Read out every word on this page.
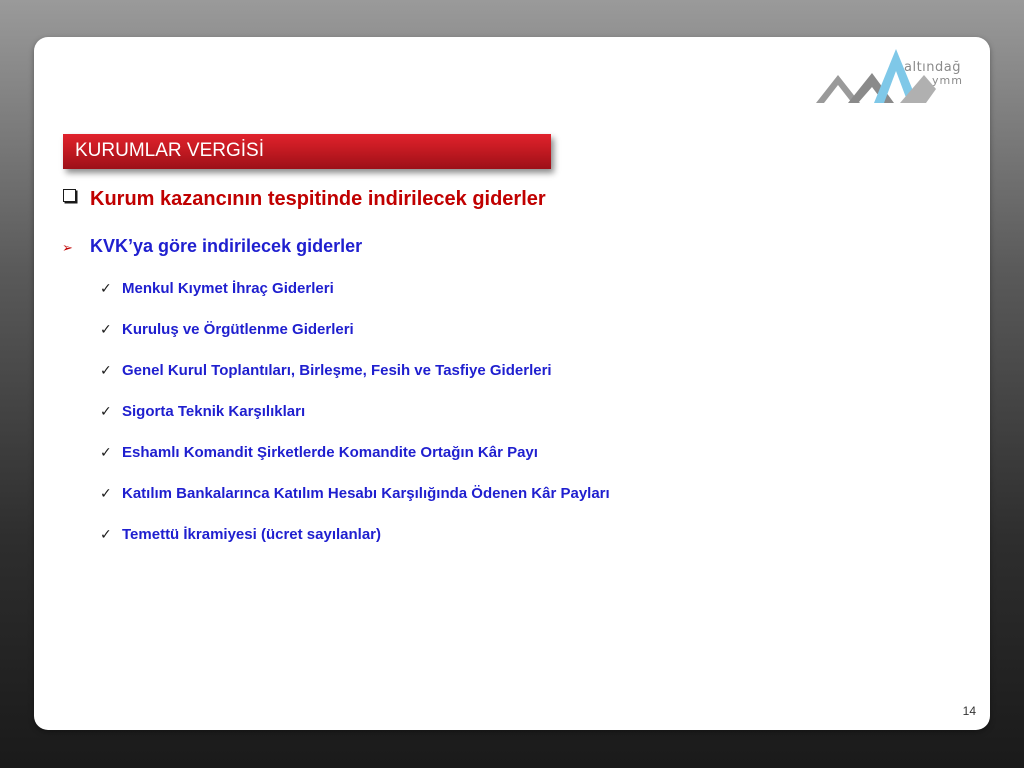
altındağ
ymm
KURUMLAR VERGİSİ
Kurum kazancının tespitinde indirilecek giderler
➢ KVK’ya göre indirilecek giderler
✓ Menkul Kıymet İhraç Giderleri
✓ Kuruluş ve Örgütlenme Giderleri
✓ Genel Kurul Toplantıları, Birleşme, Fesih ve Tasfiye Giderleri
✓ Sigorta Teknik Karşılıkları
✓ Eshamlı Komandit Şirketlerde Komandite Ortağın Kâr Payı
✓ Katılım Bankalarınca Katılım Hesabı Karşılığında Ödenen Kâr Payları
✓ Temettü İkramiyesi (ücret sayılanlar)
14
